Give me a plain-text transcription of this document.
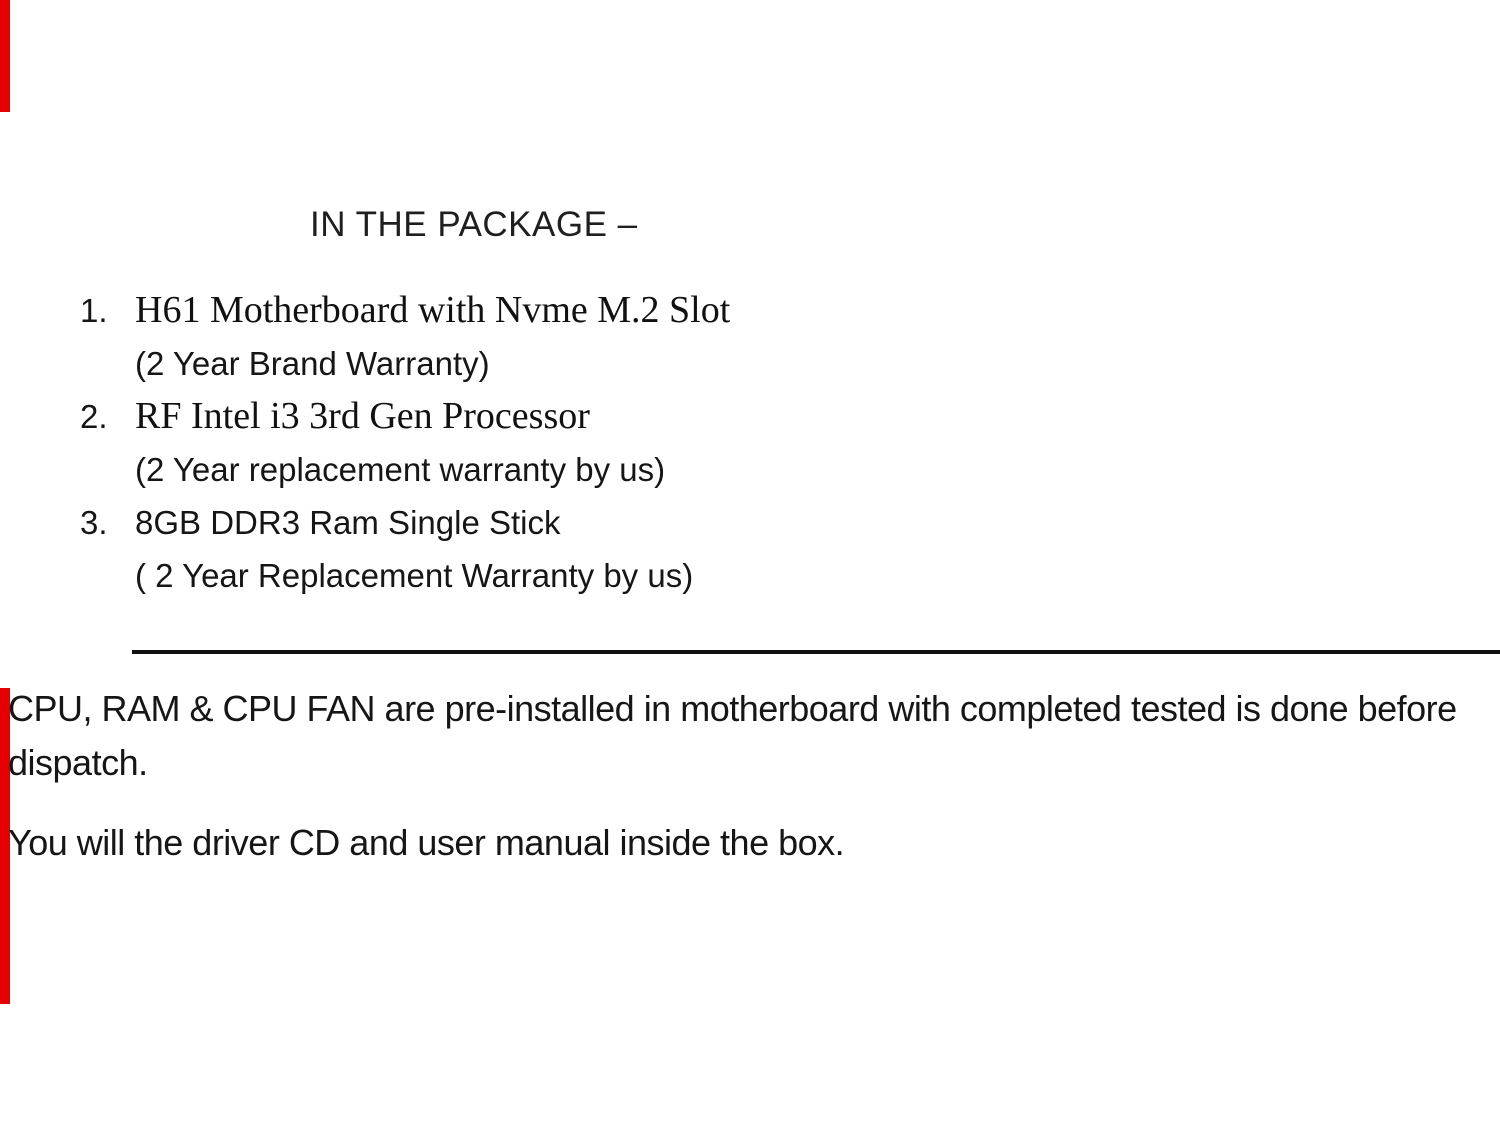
IN THE PACKAGE –
1. H61 Motherboard with Nvme M.2 Slot
(2 Year Brand Warranty)
2. RF Intel i3 3rd Gen Processor
(2 Year replacement warranty by us)
3. 8GB DDR3 Ram Single Stick
( 2 Year Replacement Warranty by us)
CPU, RAM & CPU FAN are pre-installed in motherboard with completed tested is done before
dispatch.
You will the driver CD and user manual inside the box.
